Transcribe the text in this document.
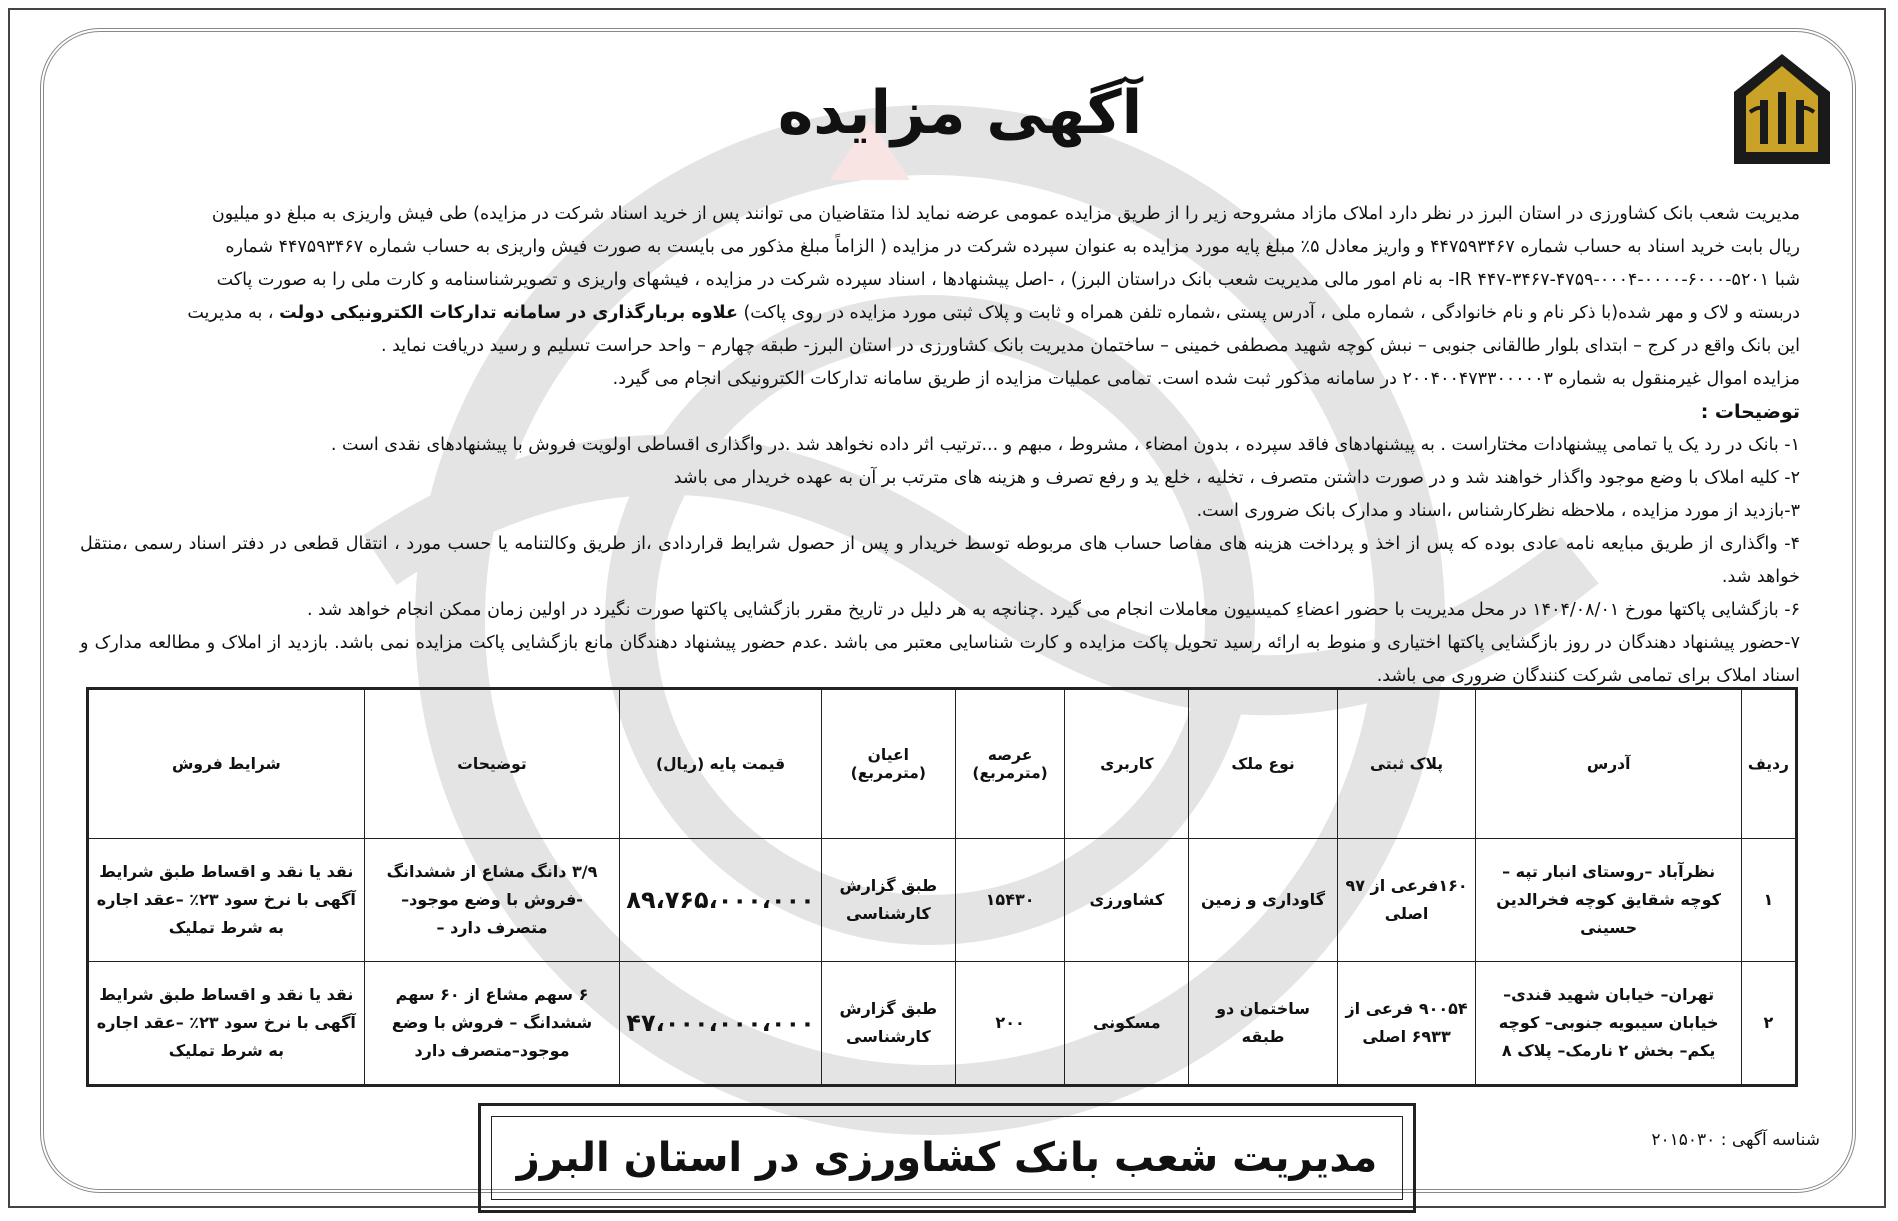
آگهی مزایده

مدیریت شعب بانک کشاورزی در استان البرز در نظر دارد املاک مازاد مشروحه زیر را از طریق مزایده عمومی عرضه نماید لذا متقاضیان می توانند پس از خرید اسناد شرکت در مزایده) طی فیش واریزی به مبلغ دو میلیون

ریال بابت خرید اسناد به حساب شماره ۴۴۷۵۹۳۴۶۷ و واریز معادل ۵٪ مبلغ پایه مورد مزایده به عنوان سپرده شرکت در مزایده ( الزاماً مبلغ مذکور می بایست به صورت فیش واریزی به حساب شماره ۴۴۷۵۹۳۴۶۷ شماره

شبا IR ۴۴۷-۳۴۶۷-۴۷۵۹-۰۰۰۴-۰۰۰۰-۶۰۰۰-۵۲۰۱- به نام امور مالی مدیریت شعب بانک دراستان البرز) ، -اصل پیشنهادها ، اسناد سپرده شرکت در مزایده ، فیشهای واریزی و تصویرشناسنامه و کارت ملی را به صورت پاکت

دربسته و لاک و مهر شده(با ذکر نام و نام خانوادگی ، شماره ملی ، آدرس پستی ،شماره تلفن همراه و ثابت و پلاک ثبتی مورد مزایده در روی پاکت) علاوه بربارگذاری در سامانه تدارکات الکترونیکی دولت ، به مدیریت

این بانک واقع در کرج – ابتدای بلوار طالقانی جنوبی – نبش کوچه شهید مصطفی خمینی – ساختمان مدیریت بانک کشاورزی در استان البرز- طبقه چهارم – واحد حراست تسلیم و رسید دریافت نماید .

مزایده اموال غیرمنقول به شماره ۲۰۰۴۰۰۴۷۳۳۰۰۰۰۰۳ در سامانه مذکور ثبت شده است. تمامی عملیات مزایده از طریق سامانه تدارکات الکترونیکی انجام می گیرد.

توضیحات :

۱- بانک در رد یک یا تمامی پیشنهادات مختاراست . به پیشنهادهای فاقد سپرده ، بدون امضاء ، مشروط ، مبهم و ...ترتیب اثر داده نخواهد شد .در واگذاری اقساطی اولویت فروش با پیشنهادهای نقدی است .

۲- کلیه املاک با وضع موجود واگذار خواهند شد و در صورت داشتن متصرف ، تخلیه ، خلع ید و رفع تصرف و هزینه های مترتب بر آن به عهده خریدار می باشد

۳-بازدید از مورد مزایده ، ملاحظه نظرکارشناس ،اسناد و مدارک بانک ضروری است.

۴- واگذاری از طریق مبایعه نامه عادی بوده که پس از اخذ و پرداخت هزینه های مفاصا حساب های مربوطه توسط خریدار و پس از حصول شرایط قراردادی ،از طریق وکالتنامه یا حسب مورد ، انتقال قطعی در دفتر اسناد رسمی ،منتقل خواهد شد.

۶- بازگشایی پاکتها مورخ ۱۴۰۴/۰۸/۰۱ در محل مدیریت با حضور اعضاءِ کمیسیون معاملات انجام می گیرد .چنانچه به هر دلیل در تاریخ مقرر بازگشایی پاکتها صورت نگیرد در اولین زمان ممکن انجام خواهد شد .

۷-حضور پیشنهاد دهندگان در روز بازگشایی پاکتها اختیاری و منوط به ارائه رسید تحویل پاکت مزایده و کارت شناسایی معتبر می باشد .عدم حضور پیشنهاد دهندگان مانع بازگشایی پاکت مزایده نمی باشد. بازدید از املاک و مطالعه مدارک و اسناد املاک برای تمامی شرکت کنندگان ضروری می باشد.

ردیف	آدرس	پلاک ثبتی	نوع ملک	کاربری	عرصه (مترمربع)	اعیان (مترمربع)	قیمت پایه (ریال)	توضیحات	شرایط فروش
۱	نظرآباد –روستای انبار تپه –کوچه شقایق کوچه فخرالدین حسینی	۱۶۰فرعی از ۹۷ اصلی	گاوداری و زمین	کشاورزی	۱۵۴۳۰	طبق گزارش کارشناسی	۸۹،۷۶۵،۰۰۰،۰۰۰	۳/۹ دانگ مشاع از ششدانگ -فروش با وضع موجود–متصرف دارد –	نقد یا نقد و اقساط طبق شرایط آگهی با نرخ سود ۲۳٪ –عقد اجاره به شرط تملیک
۲	تهران– خیابان شهید قندی– خیابان سیبویه جنوبی– کوچه یکم– بخش ۲ نارمک– پلاک ۸	۹۰۰۵۴ فرعی از ۶۹۳۳ اصلی	ساختمان دو طبقه	مسکونی	۲۰۰	طبق گزارش کارشناسی	۴۷،۰۰۰،۰۰۰،۰۰۰	۶ سهم مشاع از ۶۰ سهم ششدانگ – فروش با وضع موجود–متصرف دارد	نقد یا نقد و اقساط طبق شرایط آگهی با نرخ سود ۲۳٪ –عقد اجاره به شرط تملیک
مدیریت شعب بانک کشاورزی در استان البرز	شناسه آگهی : ۲۰۱۵۰۳۰
